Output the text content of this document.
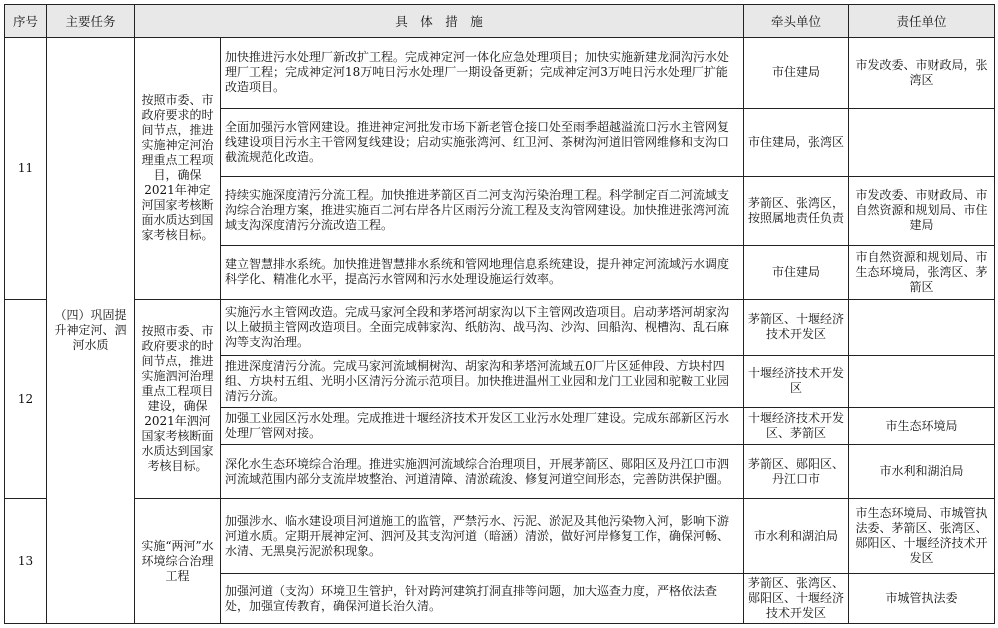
序号	主要任务	具　体　措　施		牵头单位	责任单位
11	（四）巩固提升神定河、泗河水质	按照市委、市政府要求的时间节点，推进实施神定河治理重点工程项目，确保2021年神定河国家考核断面水质达到国家考核目标。	加快推进污水处理厂新改扩工程。完成神定河一体化应急处理项目；加快实施新建龙洞沟污水处理厂工程；完成神定河18万吨日污水处理厂一期设备更新；完成神定河3万吨日污水处理厂扩能改造项目。	市住建局	市发改委、市财政局，张湾区
			全面加强污水管网建设。推进神定河批发市场下新老管仓接口处至雨季超越溢流口污水主管网复线建设项目污水主干管网复线建设；启动实施张湾河、红卫河、茶树沟河道旧管网维修和支沟口截流规范化改造。	市住建局，张湾区	
			持续实施深度清污分流工程。加快推进茅箭区百二河支沟污染治理工程。科学制定百二河流域支沟综合治理方案，推进实施百二河右岸各片区雨污分流工程及支沟管网建设。加快推进张湾河流域支沟深度清污分流改造工程。	茅箭区、张湾区，按照属地责任负责	市发改委、市财政局、市自然资源和规划局、市住建局
			建立智慧排水系统。加快推进智慧排水系统和管网地理信息系统建设，提升神定河流域污水调度科学化、精准化水平，提高污水管网和污水处理设施运行效率。	市住建局	市自然资源和规划局、市生态环境局，张湾区、茅箭区
12		按照市委、市政府要求的时间节点，推进实施泗河治理重点工程项目建设，确保2021年泗河国家考核断面水质达到国家考核目标。	实施污水主管网改造。完成马家河全段和茅塔河胡家沟以下主管网改造项目。启动茅塔河胡家沟以上破损主管网改造项目。全面完成韩家沟、纸舫沟、战马沟、沙沟、回船沟、枧槽沟、乱石麻沟等支沟治理。	茅箭区、十堰经济技术开发区	
			推进深度清污分流。完成马家河流域桐树沟、胡家沟和茅塔河流域五0厂片区延伸段、方块村四组、方块村五组、光明小区清污分流示范项目。加快推进温州工业园和龙门工业园和驼鞍工业园清污分流。	十堰经济技术开发区	
			加强工业园区污水处理。完成推进十堰经济技术开发区工业污水处理厂建设。完成东部新区污水处理厂管网对接。	十堰经济技术开发区、茅箭区	市生态环境局
			深化水生态环境综合治理。推进实施泗河流域综合治理项目，开展茅箭区、郧阳区及丹江口市泗河流域范围内部分支流岸坡整治、河道清障、清淤疏浚、修复河道空间形态，完善防洪保护圈。	茅箭区、郧阳区、丹江口市	市水利和湖泊局
13		实施“两河”水环境综合治理工程	加强涉水、临水建设项目河道施工的监管，严禁污水、污泥、淤泥及其他污染物入河，影响下游河道水质。定期开展神定河、泗河及其支沟河道（暗涵）清淤，做好河岸修复工作，确保河畅、水清、无黑臭污泥淤积现象。	市水利和湖泊局	市生态环境局、市城管执法委、茅箭区、张湾区、郧阳区、十堰经济技术开发区
			加强河道（支沟）环境卫生管护，针对跨河建筑打洞直排等问题，加大巡查力度，严格依法查处，加强宣传教育，确保河道长治久清。	茅箭区、张湾区、郧阳区、十堰经济技术开发区	市城管执法委
